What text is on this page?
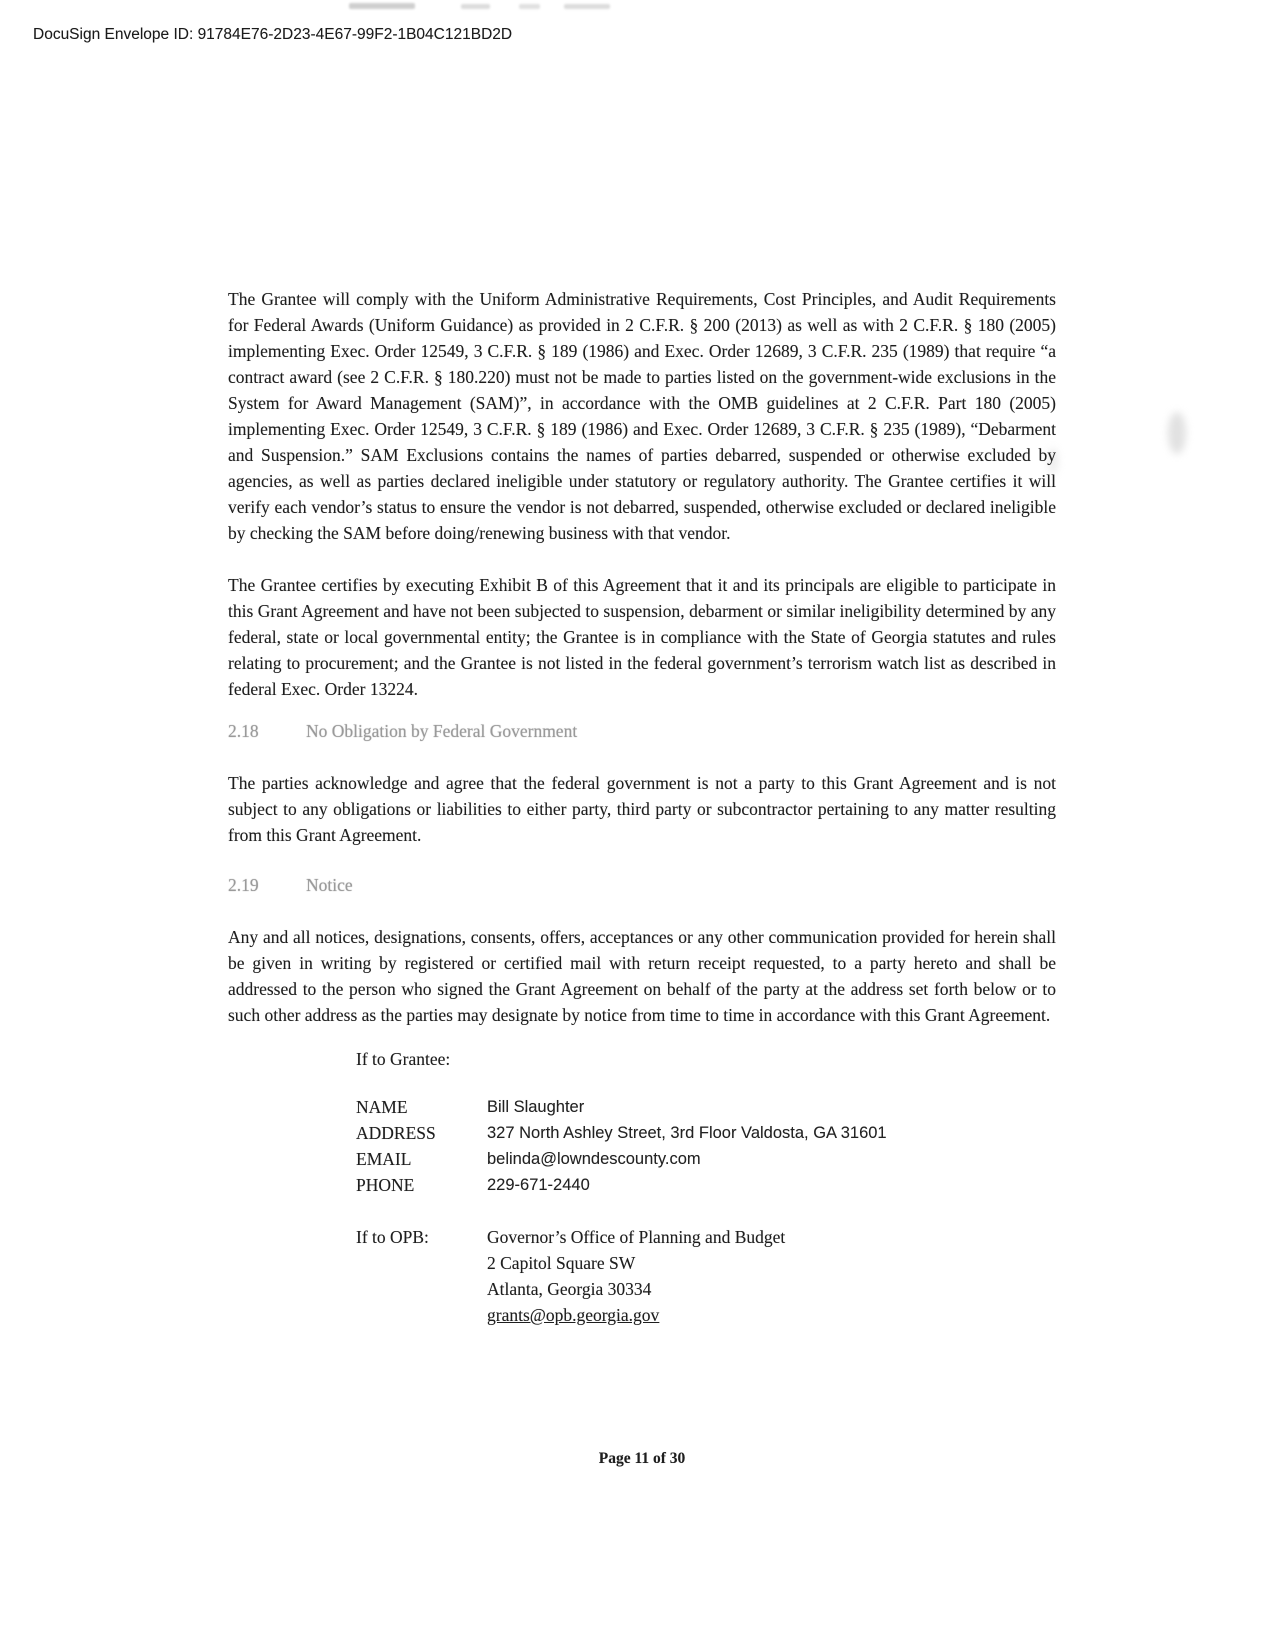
DocuSign Envelope ID: 91784E76-2D23-4E67-99F2-1B04C121BD2D

The Grantee will comply with the Uniform Administrative Requirements, Cost Principles, and Audit Requirements for Federal Awards (Uniform Guidance) as provided in 2 C.F.R. § 200 (2013) as well as with 2 C.F.R. § 180 (2005) implementing Exec. Order 12549, 3 C.F.R. § 189 (1986) and Exec. Order 12689, 3 C.F.R. 235 (1989) that require “a contract award (see 2 C.F.R. § 180.220) must not be made to parties listed on the government-wide exclusions in the System for Award Management (SAM)”, in accordance with the OMB guidelines at 2 C.F.R. Part 180 (2005) implementing Exec. Order 12549, 3 C.F.R. § 189 (1986) and Exec. Order 12689, 3 C.F.R. § 235 (1989), “Debarment and Suspension.” SAM Exclusions contains the names of parties debarred, suspended or otherwise excluded by agencies, as well as parties declared ineligible under statutory or regulatory authority. The Grantee certifies it will verify each vendor’s status to ensure the vendor is not debarred, suspended, otherwise excluded or declared ineligible by checking the SAM before doing/renewing business with that vendor.

The Grantee certifies by executing Exhibit B of this Agreement that it and its principals are eligible to participate in this Grant Agreement and have not been subjected to suspension, debarment or similar ineligibility determined by any federal, state or local governmental entity; the Grantee is in compliance with the State of Georgia statutes and rules relating to procurement; and the Grantee is not listed in the federal government’s terrorism watch list as described in federal Exec. Order 13224.

2.18	No Obligation by Federal Government

The parties acknowledge and agree that the federal government is not a party to this Grant Agreement and is not subject to any obligations or liabilities to either party, third party or subcontractor pertaining to any matter resulting from this Grant Agreement.

2.19	Notice

Any and all notices, designations, consents, offers, acceptances or any other communication provided for herein shall be given in writing by registered or certified mail with return receipt requested, to a party hereto and shall be addressed to the person who signed the Grant Agreement on behalf of the party at the address set forth below or to such other address as the parties may designate by notice from time to time in accordance with this Grant Agreement.

If to Grantee:
NAME	Bill Slaughter
ADDRESS	327 North Ashley Street, 3rd Floor Valdosta, GA 31601
EMAIL	belinda@lowndescounty.com
PHONE	229-671-2440
If to OPB:	Governor’s Office of Planning and Budget
2 Capitol Square SW
Atlanta, Georgia 30334
grants@opb.georgia.gov
Page 11 of 30
